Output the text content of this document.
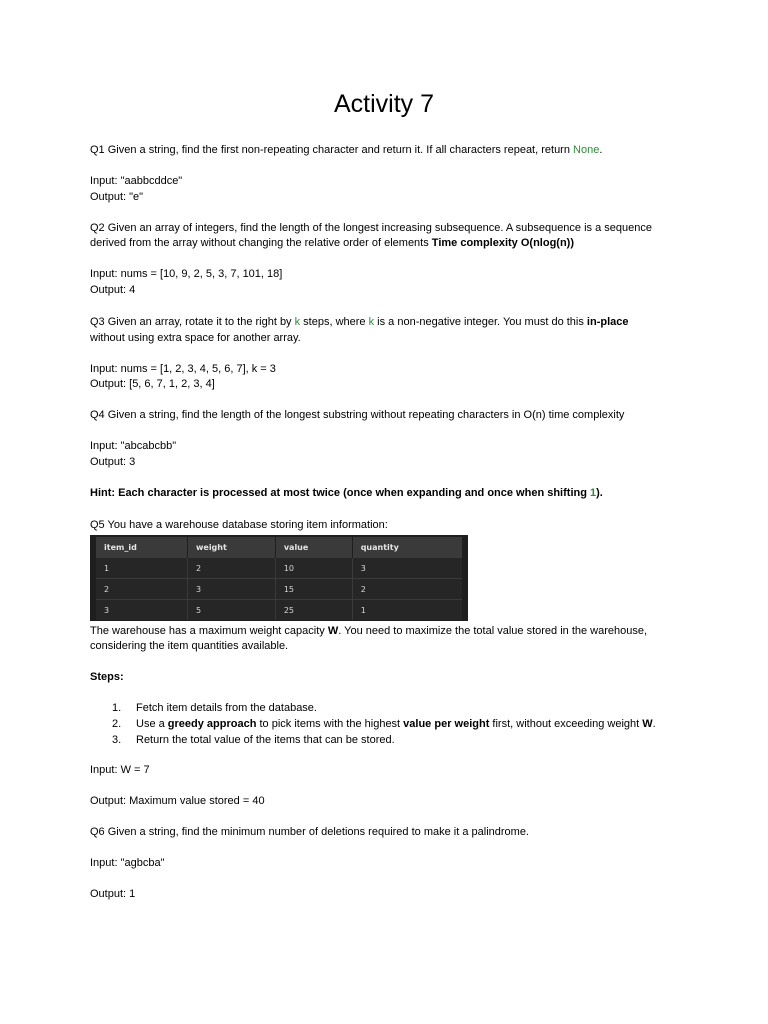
Activity 7
Q1 Given a string, find the first non-repeating character and return it. If all characters repeat, return None.
Input: "aabbcddce"
Output: "e"
Q2 Given an array of integers, find the length of the longest increasing subsequence. A subsequence is a sequence
derived from the array without changing the relative order of elements Time complexity O(nlog(n))
Input: nums = [10, 9, 2, 5, 3, 7, 101, 18]
Output: 4
Q3 Given an array, rotate it to the right by k steps, where k is a non-negative integer. You must do this in-place
without using extra space for another array.
Input: nums = [1, 2, 3, 4, 5, 6, 7], k = 3
Output: [5, 6, 7, 1, 2, 3, 4]
Q4 Given a string, find the length of the longest substring without repeating characters in O(n) time complexity
Input: "abcabcbb"
Output: 3
Hint: Each character is processed at most twice (once when expanding and once when shifting 1).
Q5 You have a warehouse database storing item information:
item_id	weight	value	quantity
1	2	10	3
2	3	15	2
3	5	25	1
The warehouse has a maximum weight capacity W. You need to maximize the total value stored in the warehouse,
considering the item quantities available.
Steps:
1. Fetch item details from the database.
2. Use a greedy approach to pick items with the highest value per weight first, without exceeding weight W.
3. Return the total value of the items that can be stored.
Input: W = 7
Output: Maximum value stored = 40
Q6 Given a string, find the minimum number of deletions required to make it a palindrome.
Input: "agbcba"
Output: 1
